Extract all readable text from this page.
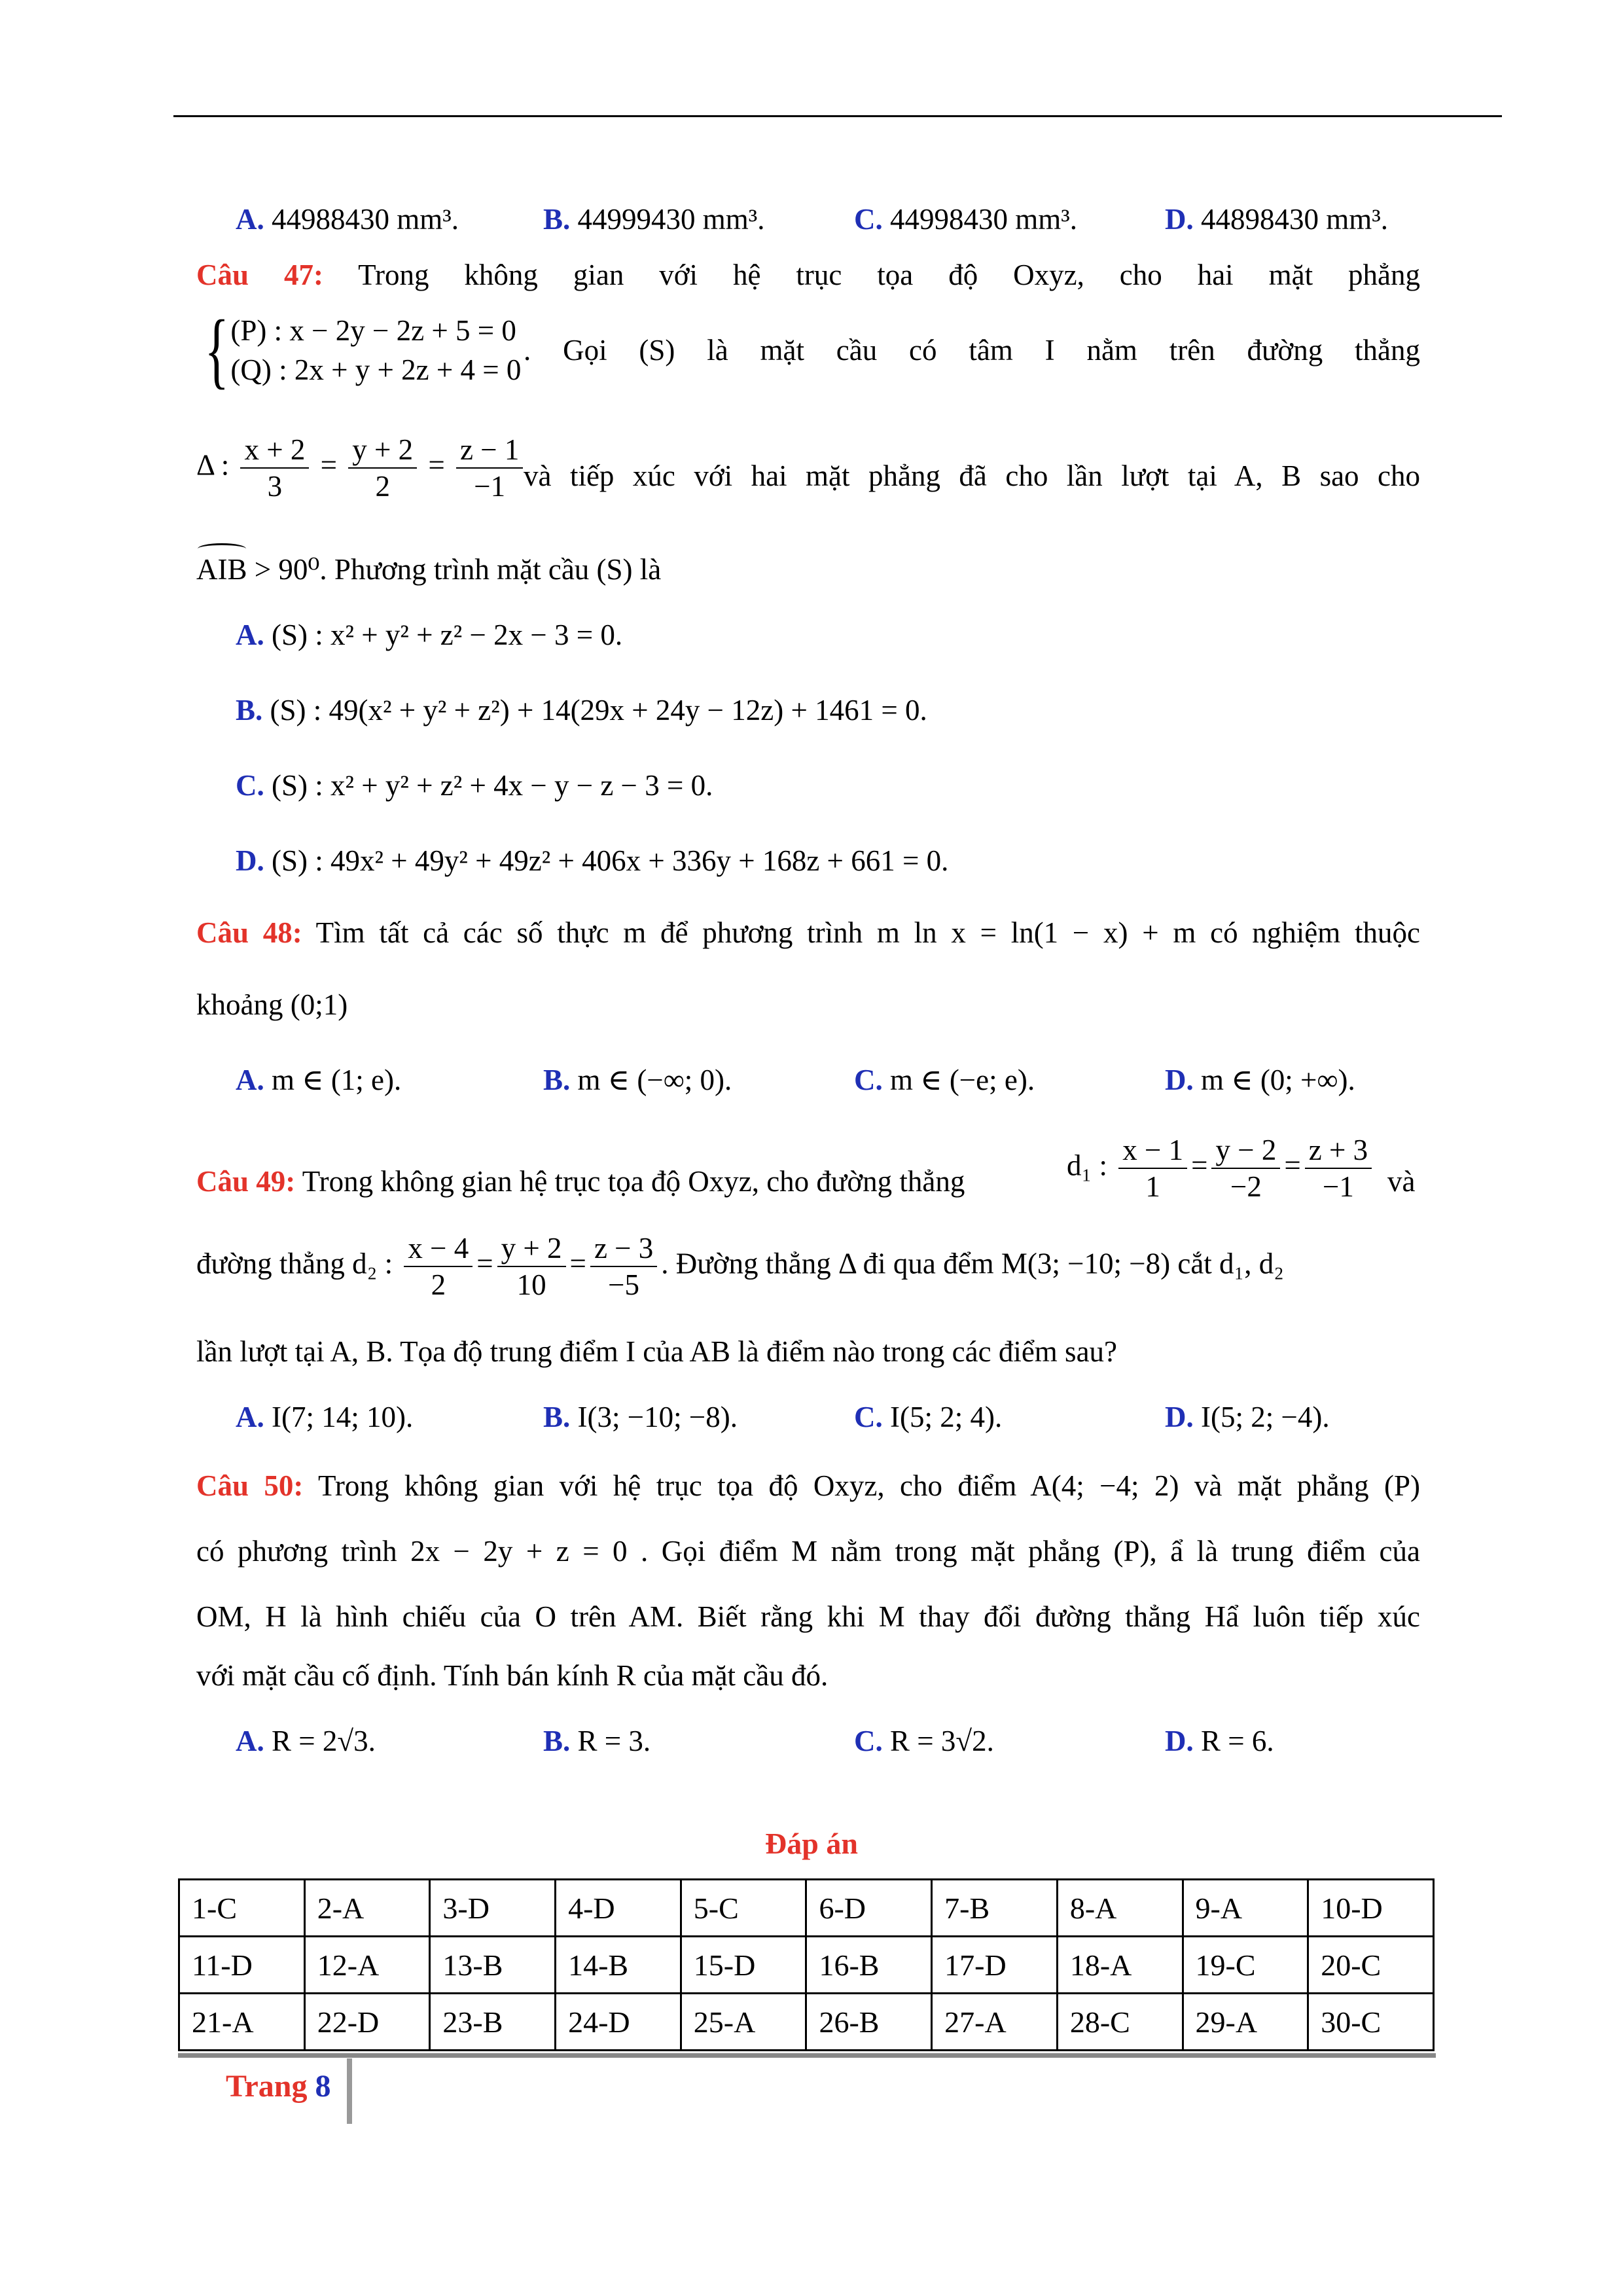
A. 44988430 mm³.	B. 44999430 mm³.	C. 44998430 mm³.	D. 44898430 mm³.
Câu 47: Trong không gian với hệ trục tọa độ Oxyz, cho hai mặt phẳng
{ (P) : x − 2y − 2z + 5 = 0
(Q) : 2x + y + 2z + 4 = 0
. Gọi (S) là mặt cầu có tâm I nằm trên đường thẳng
Δ : $\frac{x + 2}{3} = \frac{y + 2}{2} = \frac{z - 1}{-1}$ và tiếp xúc với hai mặt phẳng đã cho lần lượt tại A, B sao cho
AIB > 90⁰. Phương trình mặt cầu (S) là
A. (S) : x² + y² + z² − 2x − 3 = 0.
B. (S) : 49(x² + y² + z²) + 14(29x + 24y − 12z) + 1461 = 0.
C. (S) : x² + y² + z² + 4x − y − z − 3 = 0.
D. (S) : 49x² + 49y² + 49z² + 406x + 336y + 168z + 661 = 0.
Câu 48: Tìm tất cả các số thực m để phương trình m ln x = ln(1 − x) + m có nghiệm thuộc
khoảng (0;1)
A. m ∈ (1; e).	B. m ∈ (−∞; 0).	C. m ∈ (−e; e).	D. m ∈ (0; +∞).
Câu 49: Trong không gian hệ trục tọa độ Oxyz, cho đường thẳng	d₁ : $\frac{x - 1}{1} = \frac{y - 2}{-2} = \frac{z + 3}{-1}$ và
đường thẳng d₂ : $\frac{x - 4}{2} = \frac{y + 2}{10} = \frac{z - 3}{-5}$ . Đường thẳng Δ đi qua đểm M(3; −10; −8) cắt d₁, d₂
lần lượt tại A, B. Tọa độ trung điểm I của AB là điểm nào trong các điểm sau?
A. I(7; 14; 10).	B. I(3; −10; −8).	C. I(5; 2; 4).	D. I(5; 2; −4).
Câu 50: Trong không gian với hệ trục tọa độ Oxyz, cho điểm A(4; −4; 2) và mặt phẳng (P)
có phương trình 2x − 2y + z = 0 . Gọi điểm M nằm trong mặt phẳng (P), ẩ là trung điểm của
OM, H là hình chiếu của O trên AM. Biết rằng khi M thay đổi đường thẳng Hẩ luôn tiếp xúc
với mặt cầu cố định. Tính bán kính R của mặt cầu đó.
A. R = 2√3.	B. R = 3.	C. R = 3√2.	D. R = 6.
Đáp án
1-C	2-A	3-D	4-D	5-C	6-D	7-B	8-A	9-A	10-D
11-D	12-A	13-B	14-B	15-D	16-B	17-D	18-A	19-C	20-C
21-A	22-D	23-B	24-D	25-A	26-B	27-A	28-C	29-A	30-C
Trang 8
